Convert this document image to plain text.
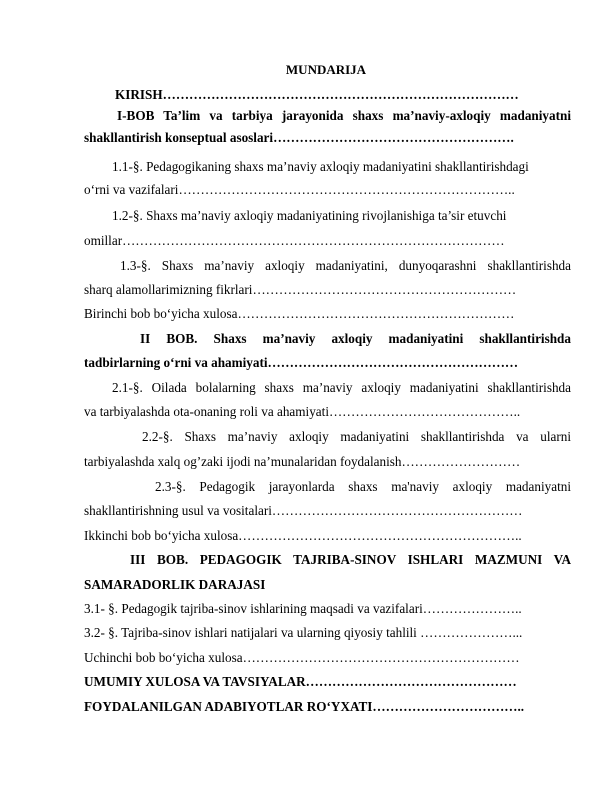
MUNDARIJA
KIRISH………………………………………………………………………
I-BOB Ta’lim va tarbiya jarayonida shaxs ma’naviy-axloqiy madaniyatni
shakllantirish konseptual asoslari……………………………………………….
1.1-§. Pedagogikaning shaxs ma’naviy axloqiy madaniyatini shakllantirishdagi
o‘rni va vazifalari…………………………………………………………………..
1.2-§. Shaxs ma’naviy axloqiy madaniyatining rivojlanishiga ta’sir etuvchi
omillar……………………………………………………………………………
1.3-§. Shaxs ma’naviy axloqiy madaniyatini, dunyoqarashni shakllantirishda
sharq alamollarimizning fikrlari……………………………………………………
Birinchi bob bo‘yicha xulosa………………………………………………………
II BOB. Shaxs ma’naviy axloqiy madaniyatini shakllantirishda
tadbirlarning o‘rni va ahamiyati…………………………………………………
2.1-§. Oilada bolalarning shaxs ma’naviy axloqiy madaniyatini shakllantirishda
va tarbiyalashda ota-onaning roli va ahamiyati……………………………………..
2.2-§. Shaxs ma’naviy axloqiy madaniyatini shakllantirishda va ularni
tarbiyalashda xalq og’zaki ijodi na’munalaridan foydalanish………………………
2.3-§. Pedagogik jarayonlarda shaxs ma'naviy axloqiy madaniyatni
shakllantirishning usul va vositalari…………………………………………………
Ikkinchi bob bo‘yicha xulosa………………………………………………………..
III BOB. PEDAGOGIK TAJRIBA-SINOV ISHLARI MAZMUNI VA
SAMARADORLIK DARAJASI
3.1- §. Pedagogik tajriba-sinov ishlarining maqsadi va vazifalari…………………..
3.2- §. Tajriba-sinov ishlari natijalari va ularning qiyosiy tahlili …………………...
Uchinchi bob bo‘yicha xulosa………………………………………………………
UMUMIY XULOSA VA TAVSIYALAR…………………………………………
FOYDALANILGAN ADABIYOTLAR RO‘YXATI……………………………..
